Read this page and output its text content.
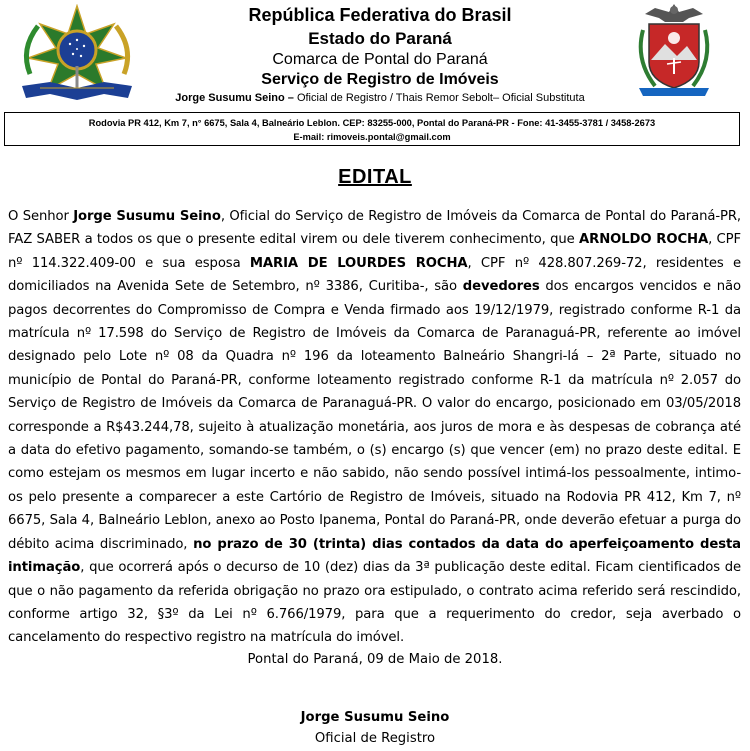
República Federativa do Brasil
Estado do Paraná
Comarca de Pontal do Paraná
Serviço de Registro de Imóveis
Jorge Susumu Seino – Oficial de Registro / Thais Remor Sebolt– Oficial Substituta
Rodovia PR 412, Km 7, n° 6675, Sala 4, Balneário Leblon. CEP: 83255-000, Pontal do Paraná-PR - Fone: 41-3455-3781 / 3458-2673
E-mail: rimoveis.pontal@gmail.com
EDITAL
O Senhor Jorge Susumu Seino, Oficial do Serviço de Registro de Imóveis da Comarca de Pontal do Paraná-PR, FAZ SABER a todos os que o presente edital virem ou dele tiverem conhecimento, que ARNOLDO ROCHA, CPF nº 114.322.409-00 e sua esposa MARIA DE LOURDES ROCHA, CPF nº 428.807.269-72, residentes e domiciliados na Avenida Sete de Setembro, nº 3386, Curitiba-, são devedores dos encargos vencidos e não pagos decorrentes do Compromisso de Compra e Venda firmado aos 19/12/1979, registrado conforme R-1 da matrícula nº 17.598 do Serviço de Registro de Imóveis da Comarca de Paranaguá-PR, referente ao imóvel designado pelo Lote nº 08 da Quadra nº 196 da loteamento Balneário Shangri-lá – 2ª Parte, situado no município de Pontal do Paraná-PR, conforme loteamento registrado conforme R-1 da matrícula nº 2.057 do Serviço de Registro de Imóveis da Comarca de Paranaguá-PR. O valor do encargo, posicionado em 03/05/2018 corresponde a R$43.244,78, sujeito à atualização monetária, aos juros de mora e às despesas de cobrança até a data do efetivo pagamento, somando-se também, o (s) encargo (s) que vencer (em) no prazo deste edital. E como estejam os mesmos em lugar incerto e não sabido, não sendo possível intimá-los pessoalmente, intimo-os pelo presente a comparecer a este Cartório de Registro de Imóveis, situado na Rodovia PR 412, Km 7, nº 6675, Sala 4, Balneário Leblon, anexo ao Posto Ipanema, Pontal do Paraná-PR, onde deverão efetuar a purga do débito acima discriminado, no prazo de 30 (trinta) dias contados da data do aperfeiçoamento desta intimação, que ocorrerá após o decurso de 10 (dez) dias da 3ª publicação deste edital. Ficam cientificados de que o não pagamento da referida obrigação no prazo ora estipulado, o contrato acima referido será rescindido, conforme artigo 32, §3º da Lei nº 6.766/1979, para que a requerimento do credor, seja averbado o cancelamento do respectivo registro na matrícula do imóvel.
Pontal do Paraná, 09 de Maio de 2018.
Jorge Susumu Seino
Oficial de Registro
